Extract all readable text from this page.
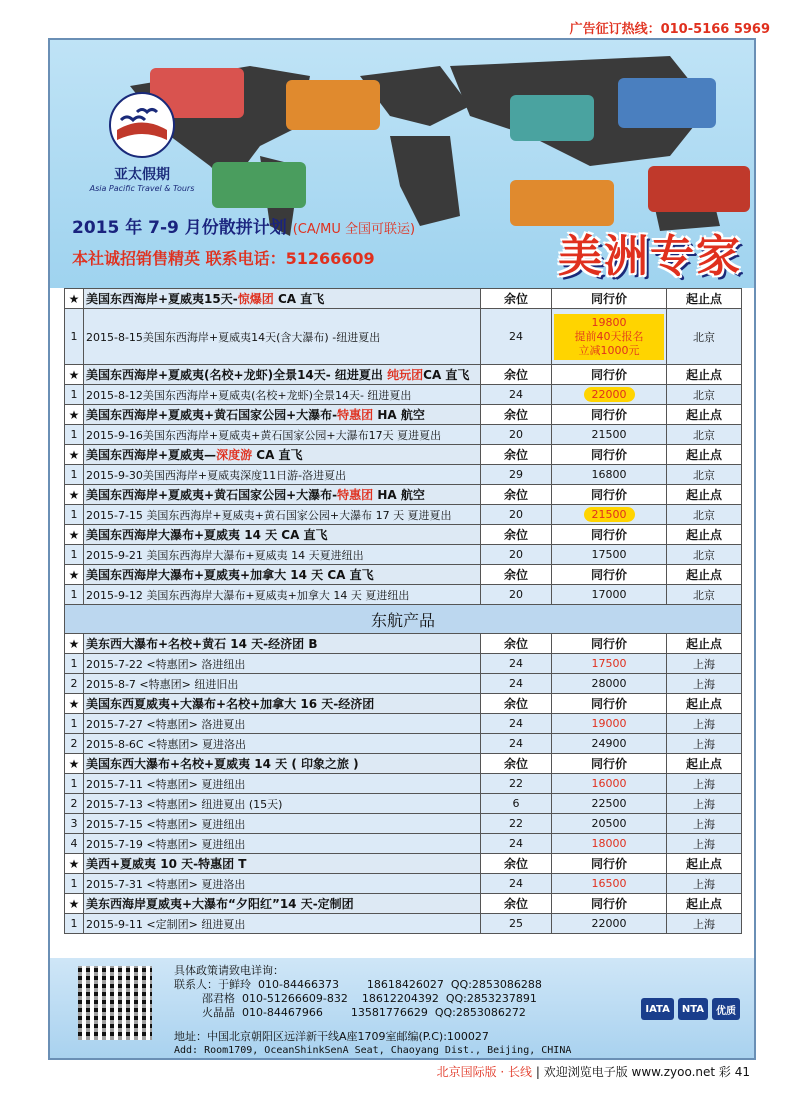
广告征订热线：010-5166 5969
亚太假期
Asia Pacific Travel & Tours
2015 年 7-9 月份散拼计划 (CA/MU 全国可联运)
本社诚招销售精英 联系电话：51266609	美洲专家
★	美国东西海岸+夏威夷15天-惊爆团 CA 直飞	余位	同行价	起止点
1	2015-8-15美国东西海岸+夏威夷14天(含大瀑布) -纽进夏出	24	19800
提前40天报名
立减1000元	北京
★	美国东西海岸+夏威夷(名校+龙虾)全景14天- 纽进夏出 纯玩团CA 直飞	余位	同行价	起止点
1	2015-8-12美国东西海岸+夏威夷(名校+龙虾)全景14天- 纽进夏出	24	22000	北京
★	美国东西海岸+夏威夷+黄石国家公园+大瀑布-特惠团 HA 航空	余位	同行价	起止点
1	2015-9-16美国东西海岸+夏威夷+黄石国家公园+大瀑布17天 夏进夏出	20	21500	北京
★	美国东西海岸+夏威夷—深度游 CA 直飞	余位	同行价	起止点
1	2015-9-30美国西海岸+夏威夷深度11日游-洛进夏出	29	16800	北京
★	美国东西海岸+夏威夷+黄石国家公园+大瀑布-特惠团 HA 航空	余位	同行价	起止点
1	2015-7-15 美国东西海岸+夏威夷+黄石国家公园+大瀑布 17 天 夏进夏出	20	21500	北京
★	美国东西海岸大瀑布+夏威夷 14 天 CA 直飞	余位	同行价	起止点
1	2015-9-21 美国东西海岸大瀑布+夏威夷 14 天夏进纽出	20	17500	北京
★	美国东西海岸大瀑布+夏威夷+加拿大 14 天 CA 直飞	余位	同行价	起止点
1	2015-9-12 美国东西海岸大瀑布+夏威夷+加拿大 14 天 夏进纽出	20	17000	北京
东航产品				
★	美东西大瀑布+名校+黄石 14 天-经济团 B	余位	同行价	起止点
1	2015-7-22 <特惠团> 洛进纽出	24	17500	上海
2	2015-8-7 <特惠团> 纽进旧出	24	28000	上海
★	美国东西夏威夷+大瀑布+名校+加拿大 16 天-经济团	余位	同行价	起止点
1	2015-7-27 <特惠团> 洛进夏出	24	19000	上海
2	2015-8-6C <特惠团> 夏进洛出	24	24900	上海
★	美国东西大瀑布+名校+夏威夷 14 天 ( 印象之旅 )	余位	同行价	起止点
1	2015-7-11 <特惠团> 夏进纽出	22	16000	上海
2	2015-7-13 <特惠团> 纽进夏出 (15天)	6	22500	上海
3	2015-7-15 <特惠团> 夏进纽出	22	20500	上海
4	2015-7-19 <特惠团> 夏进纽出	24	18000	上海
★	美西+夏威夷 10 天-特惠团 T	余位	同行价	起止点
1	2015-7-31 <特惠团> 夏进洛出	24	16500	上海
★	美东西海岸夏威夷+大瀑布“夕阳红”14 天-定制团	余位	同行价	起止点
1	2015-9-11 <定制团> 纽进夏出	25	22000	上海
具体政策请致电详询：
联系人：于鲜玲  010-84466373        18618426027  QQ:2853086288
邵君格  010-51266609-832    18612204392  QQ:2853237891
火晶晶  010-84467966        13581776629  QQ:2853086272
地址：中国北京朝阳区远洋新干线A座1709室邮编(P.C):100027
Add: Room1709, OceanShinkSenA Seat, Chaoyang Dist., Beijing, CHINA
IATA	NTA	优质
北京国际版 · 长线 | 欢迎浏览电子版 www.zyoo.net 彩 41
